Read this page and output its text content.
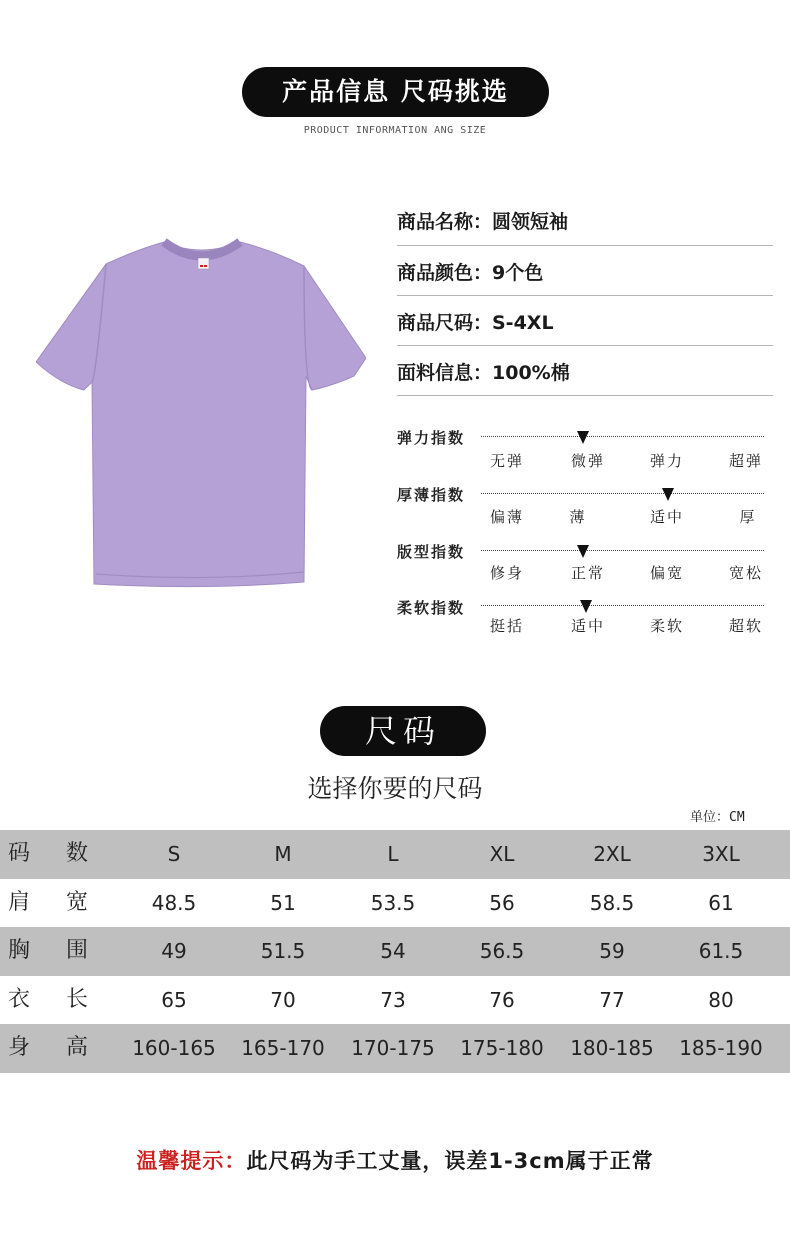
产品信息 尺码挑选
PRODUCT INFORMATION ANG SIZE
商品名称：圆领短袖
商品颜色：9个色
商品尺码：S-4XL
面料信息：100%棉
弹力指数
无弹	微弹	弹力	超弹
厚薄指数
偏薄	薄	适中	厚
版型指数
修身	正常	偏宽	宽松
柔软指数
挺括	适中	柔软	超软
尺码
选择你要的尺码
单位：CM
码 数	S	M	L	XL	2XL	3XL
肩 宽	48.5	51	53.5	56	58.5	61
胸 围	49	51.5	54	56.5	59	61.5
衣 长	65	70	73	76	77	80
身 高	160-165	165-170	170-175	175-180	180-185	185-190
温馨提示：此尺码为手工丈量，误差1-3cm属于正常
